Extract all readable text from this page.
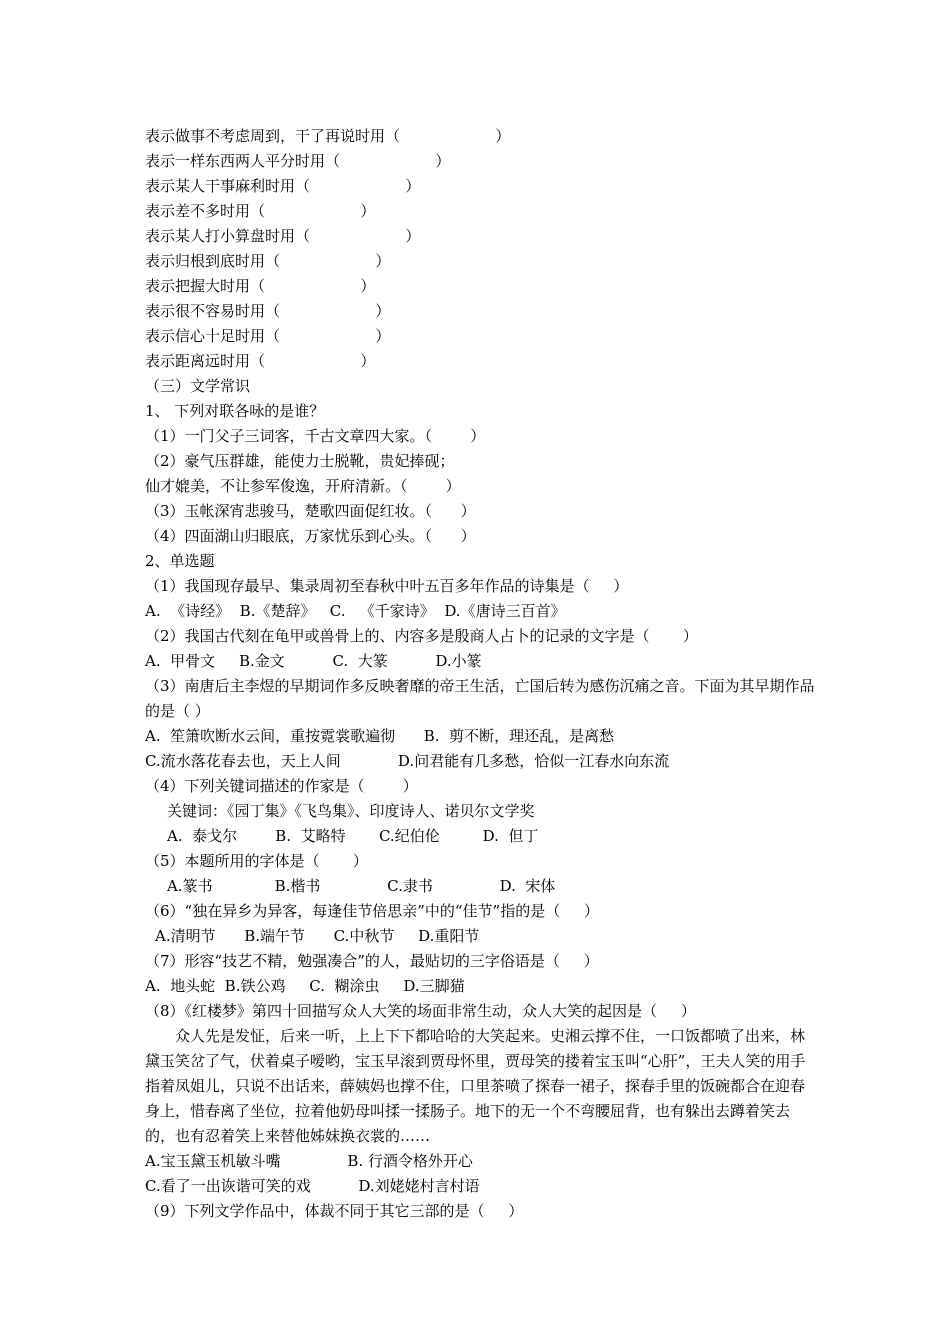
表示做事不考虑周到，干了再说时用（                    ）
表示一样东西两人平分时用（                    ）
表示某人干事麻利时用（                    ）
表示差不多时用（                    ）
表示某人打小算盘时用（                    ）
表示归根到底时用（                    ）
表示把握大时用（                    ）
表示很不容易时用（                    ）
表示信心十足时用（                    ）
表示距离远时用（                    ）
（三）文学常识
1、 下列对联各咏的是谁？
（1）一门父子三词客，千古文章四大家。（        ）
（2）豪气压群雄，能使力士脱靴，贵妃捧砚；
仙才媲美，不让参军俊逸，开府清新。（        ）
（3）玉帐深宵悲骏马，楚歌四面促红妆。（      ）
（4）四面湖山归眼底，万家忧乐到心头。（      ）
2、单选题
（1）我国现存最早、集录周初至春秋中叶五百多年作品的诗集是（     ）
A.  《诗经》  B.《楚辞》   C.   《千家诗》  D.《唐诗三百首》
（2）我国古代刻在龟甲或兽骨上的、内容多是殷商人占卜的记录的文字是（       ）
A.  甲骨文     B.金文          C.  大篆          D.小篆
（3）南唐后主李煜的早期词作多反映奢靡的帝王生活，亡国后转为感伤沉痛之音。下面为其早期作品的是（ ）
A.  笙箫吹断水云间，重按霓裳歌遍彻      B.  剪不断，理还乱，是离愁
C.流水落花春去也，天上人间            D.问君能有几多愁，恰似一江春水向东流
（4）下列关键词描述的作家是（        ）
关键词：《园丁集》《飞鸟集》、印度诗人、诺贝尔文学奖
A.  泰戈尔        B.  艾略特       C.纪伯伦         D.  但丁
（5）本题所用的字体是（       ）
A.篆书             B.楷书              C.隶书              D.  宋体
（6）“独在异乡为异客，每逢佳节倍思亲”中的“佳节”指的是（     ）
A.清明节      B.端午节      C.中秋节     D.重阳节
（7）形容“技艺不精，勉强凑合”的人，最贴切的三字俗语是（     ）
A.  地头蛇  B.铁公鸡     C.  糊涂虫     D.三脚猫
（8）《红楼梦》第四十回描写众人大笑的场面非常生动，众人大笑的起因是（     ）
众人先是发怔，后来一听，上上下下都哈哈的大笑起来。史湘云撑不住，一口饭都喷了出来，林黛玉笑岔了气，伏着桌子嗳哟，宝玉早滚到贾母怀里，贾母笑的搂着宝玉叫“心肝”，王夫人笑的用手指着凤姐儿，只说不出话来，薛姨妈也撑不住，口里茶喷了探春一裙子，探春手里的饭碗都合在迎春身上，惜春离了坐位，拉着他奶母叫揉一揉肠子。地下的无一个不弯腰屈背，也有躲出去蹲着笑去的，也有忍着笑上来替他姊妹换衣裳的……
A.宝玉黛玉机敏斗嘴              B. 行酒令格外开心
C.看了一出诙谐可笑的戏          D.刘姥姥村言村语
（9）下列文学作品中，体裁不同于其它三部的是（     ）
